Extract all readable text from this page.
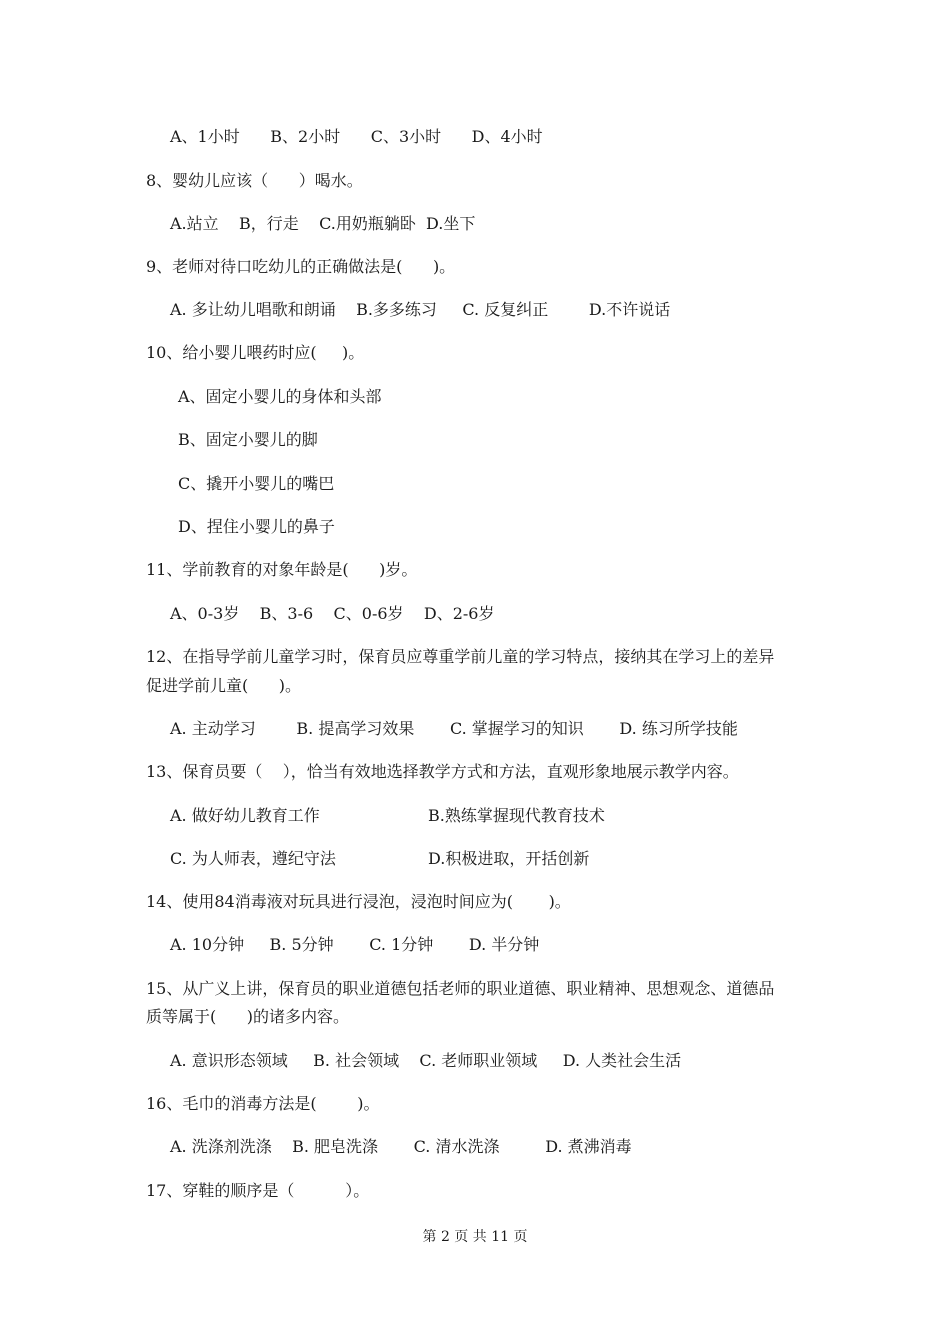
A、1小时      B、2小时      C、3小时      D、4小时
8、婴幼儿应该（      ）喝水。
A.站立    B，行走    C.用奶瓶躺卧  D.坐下
9、老师对待口吃幼儿的正确做法是(      )。
A. 多让幼儿唱歌和朗诵    B.多多练习     C. 反复纠正        D.不许说话
10、给小婴儿喂药时应(     )。
A、固定小婴儿的身体和头部
B、固定小婴儿的脚
C、撬开小婴儿的嘴巴
D、捏住小婴儿的鼻子
11、学前教育的对象年龄是(      )岁。
A、0-3岁    B、3-6    C、0-6岁    D、2-6岁
12、在指导学前儿童学习时，保育员应尊重学前儿童的学习特点，接纳其在学习上的差异
促进学前儿童(      )。
A. 主动学习        B. 提高学习效果       C. 掌握学习的知识       D. 练习所学技能
13、保育员要（    ），恰当有效地选择教学方式和方法，直观形象地展示教学内容。
A. 做好幼儿教育工作	B.熟练掌握现代教育技术
C. 为人师表，遵纪守法	D.积极进取，开括创新
14、使用84消毒液对玩具进行浸泡，浸泡时间应为(       )。
A. 10分钟     B. 5分钟       C. 1分钟       D. 半分钟
15、从广义上讲，保育员的职业道德包括老师的职业道德、职业精神、思想观念、道德品
质等属于(      )的诸多内容。
A. 意识形态领域     B. 社会领域    C. 老师职业领域     D. 人类社会生活
16、毛巾的消毒方法是(        )。
A. 洗涤剂洗涤    B. 肥皂洗涤       C. 清水洗涤         D. 煮沸消毒
17、穿鞋的顺序是（          ）。
第 2 页 共 11 页
